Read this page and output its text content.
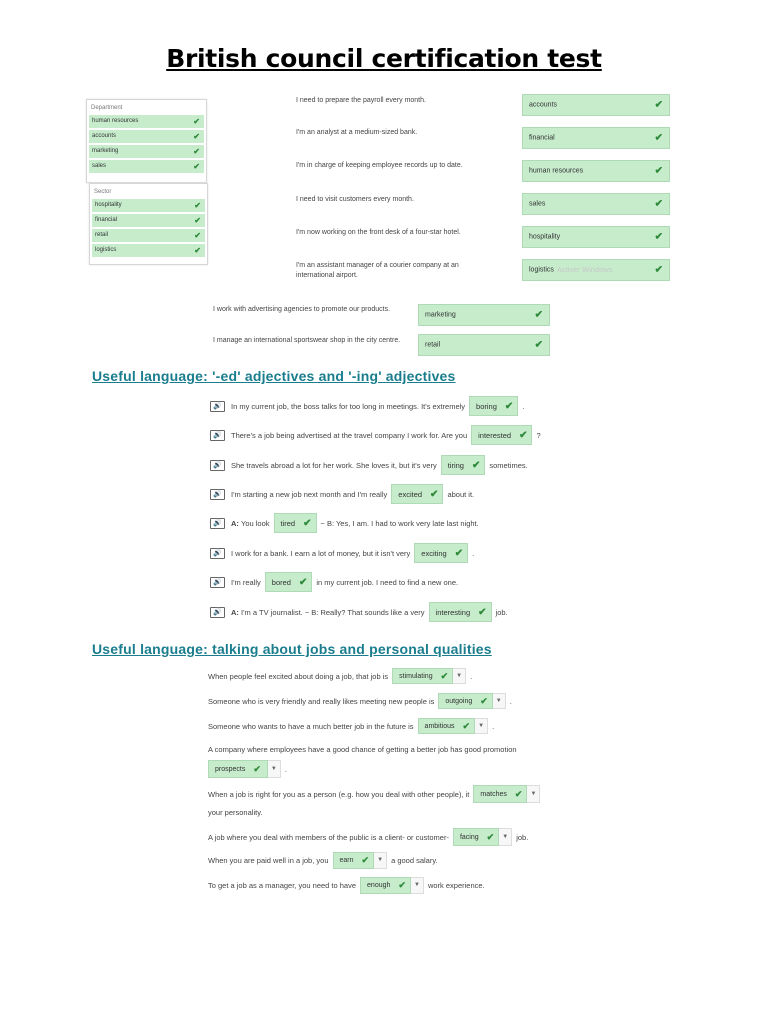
British council certification test
Department
human resources	✔
accounts	✔
marketing	✔
sales	✔
Sector
hospitality	✔
financial	✔
retail	✔
logistics	✔
I need to prepare the payroll every month.
accounts	✔
I'm an analyst at a medium-sized bank.
financial	✔
I'm in charge of keeping employee records up to date.
human resources	✔
I need to visit customers every month.
sales	✔
I'm now working on the front desk of a four-star hotel.
hospitality	✔
I'm an assistant manager of a courier company at an international airport.
logistics Activer Windows	✔
I work with advertising agencies to promote our products.
marketing	✔
I manage an international sportswear shop in the city centre.
retail	✔
Useful language: '-ed' adjectives and '-ing' adjectives
🔊	In my current job, the boss talks for too long in meetings. It's extremely boring ✔ .
🔊	There's a job being advertised at the travel company I work for. Are you interested ✔ ?
🔊	She travels abroad a lot for her work. She loves it, but it's very tiring ✔ sometimes.
🔊	I'm starting a new job next month and I'm really excited ✔ about it.
🔊	A:
You look tired ✔ ~ B: Yes, I am. I had to work very late last night.
🔊	I work for a bank. I earn a lot of money, but it isn't very exciting ✔ .
🔊	I'm really bored ✔ in my current job. I need to find a new one.
🔊	A:
I'm a TV journalist. ~ B: Really? That sounds like a very interesting ✔ job.
Useful language: talking about jobs and personal qualities
When people feel excited about doing a job, that job is stimulating ✔	▼	.
Someone who is very friendly and really likes meeting new people is outgoing ✔	▼	.
Someone who wants to have a much better job in the future is ambitious ✔	▼	.
A company where employees have a good chance of getting a better job has good promotion
prospects ✔	▼	.
When a job is right for you as a person (e.g. how you deal with other people), it matches ✔	▼
your personality.
A job where you deal with members of the public is a client- or customer- facing ✔	▼	job.
When you are paid well in a job, you earn ✔	▼	a good salary.
To get a job as a manager, you need to have enough ✔	▼	work experience.
